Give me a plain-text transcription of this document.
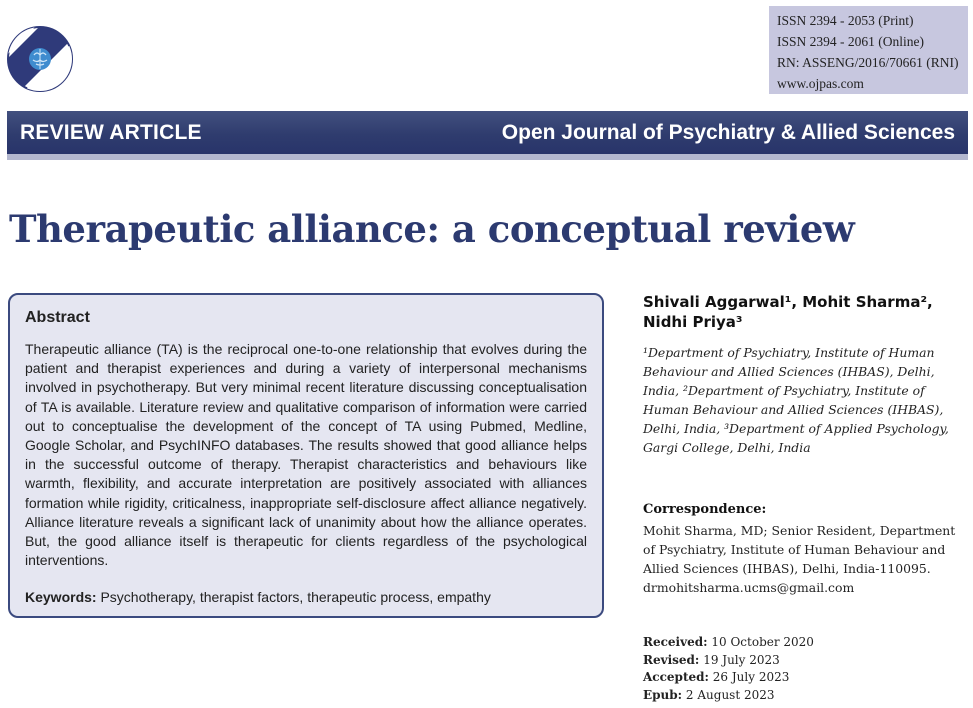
ISSN 2394 - 2053 (Print)
ISSN 2394 - 2061 (Online)
RN: ASSENG/2016/70661 (RNI)
www.ojpas.com
REVIEW ARTICLE	Open Journal of Psychiatry & Allied Sciences
Therapeutic alliance: a conceptual review
Abstract

Therapeutic alliance (TA) is the reciprocal one-to-one relationship that evolves during the patient and therapist experiences and during a variety of interpersonal mechanisms involved in psychotherapy. But very minimal recent literature discussing conceptualisation of TA is available. Literature review and qualitative comparison of information were carried out to conceptualise the development of the concept of TA using Pubmed, Medline, Google Scholar, and PsychINFO databases. The results showed that good alliance helps in the successful outcome of therapy. Therapist characteristics and behaviours like warmth, flexibility, and accurate interpretation are positively associated with alliances formation while rigidity, criticalness, inappropriate self-disclosure affect alliance negatively. Alliance literature reveals a significant lack of unanimity about how the alliance operates. But, the good alliance itself is therapeutic for clients regardless of the psychological interventions.

Keywords: Psychotherapy, therapist factors, therapeutic process, empathy
Shivali Aggarwal¹, Mohit Sharma²,
Nidhi Priya³
¹Department of Psychiatry, Institute of Human Behaviour and Allied Sciences (IHBAS), Delhi, India, ²Department of Psychiatry, Institute of Human Behaviour and Allied Sciences (IHBAS), Delhi, India, ³Department of Applied Psychology, Gargi College, Delhi, India
Correspondence:
Mohit Sharma, MD; Senior Resident, Department of Psychiatry, Institute of Human Behaviour and Allied Sciences (IHBAS), Delhi, India-110095.
drmohitsharma.ucms@gmail.com
Received: 10 October 2020
Revised: 19 July 2023
Accepted: 26 July 2023
Epub: 2 August 2023
